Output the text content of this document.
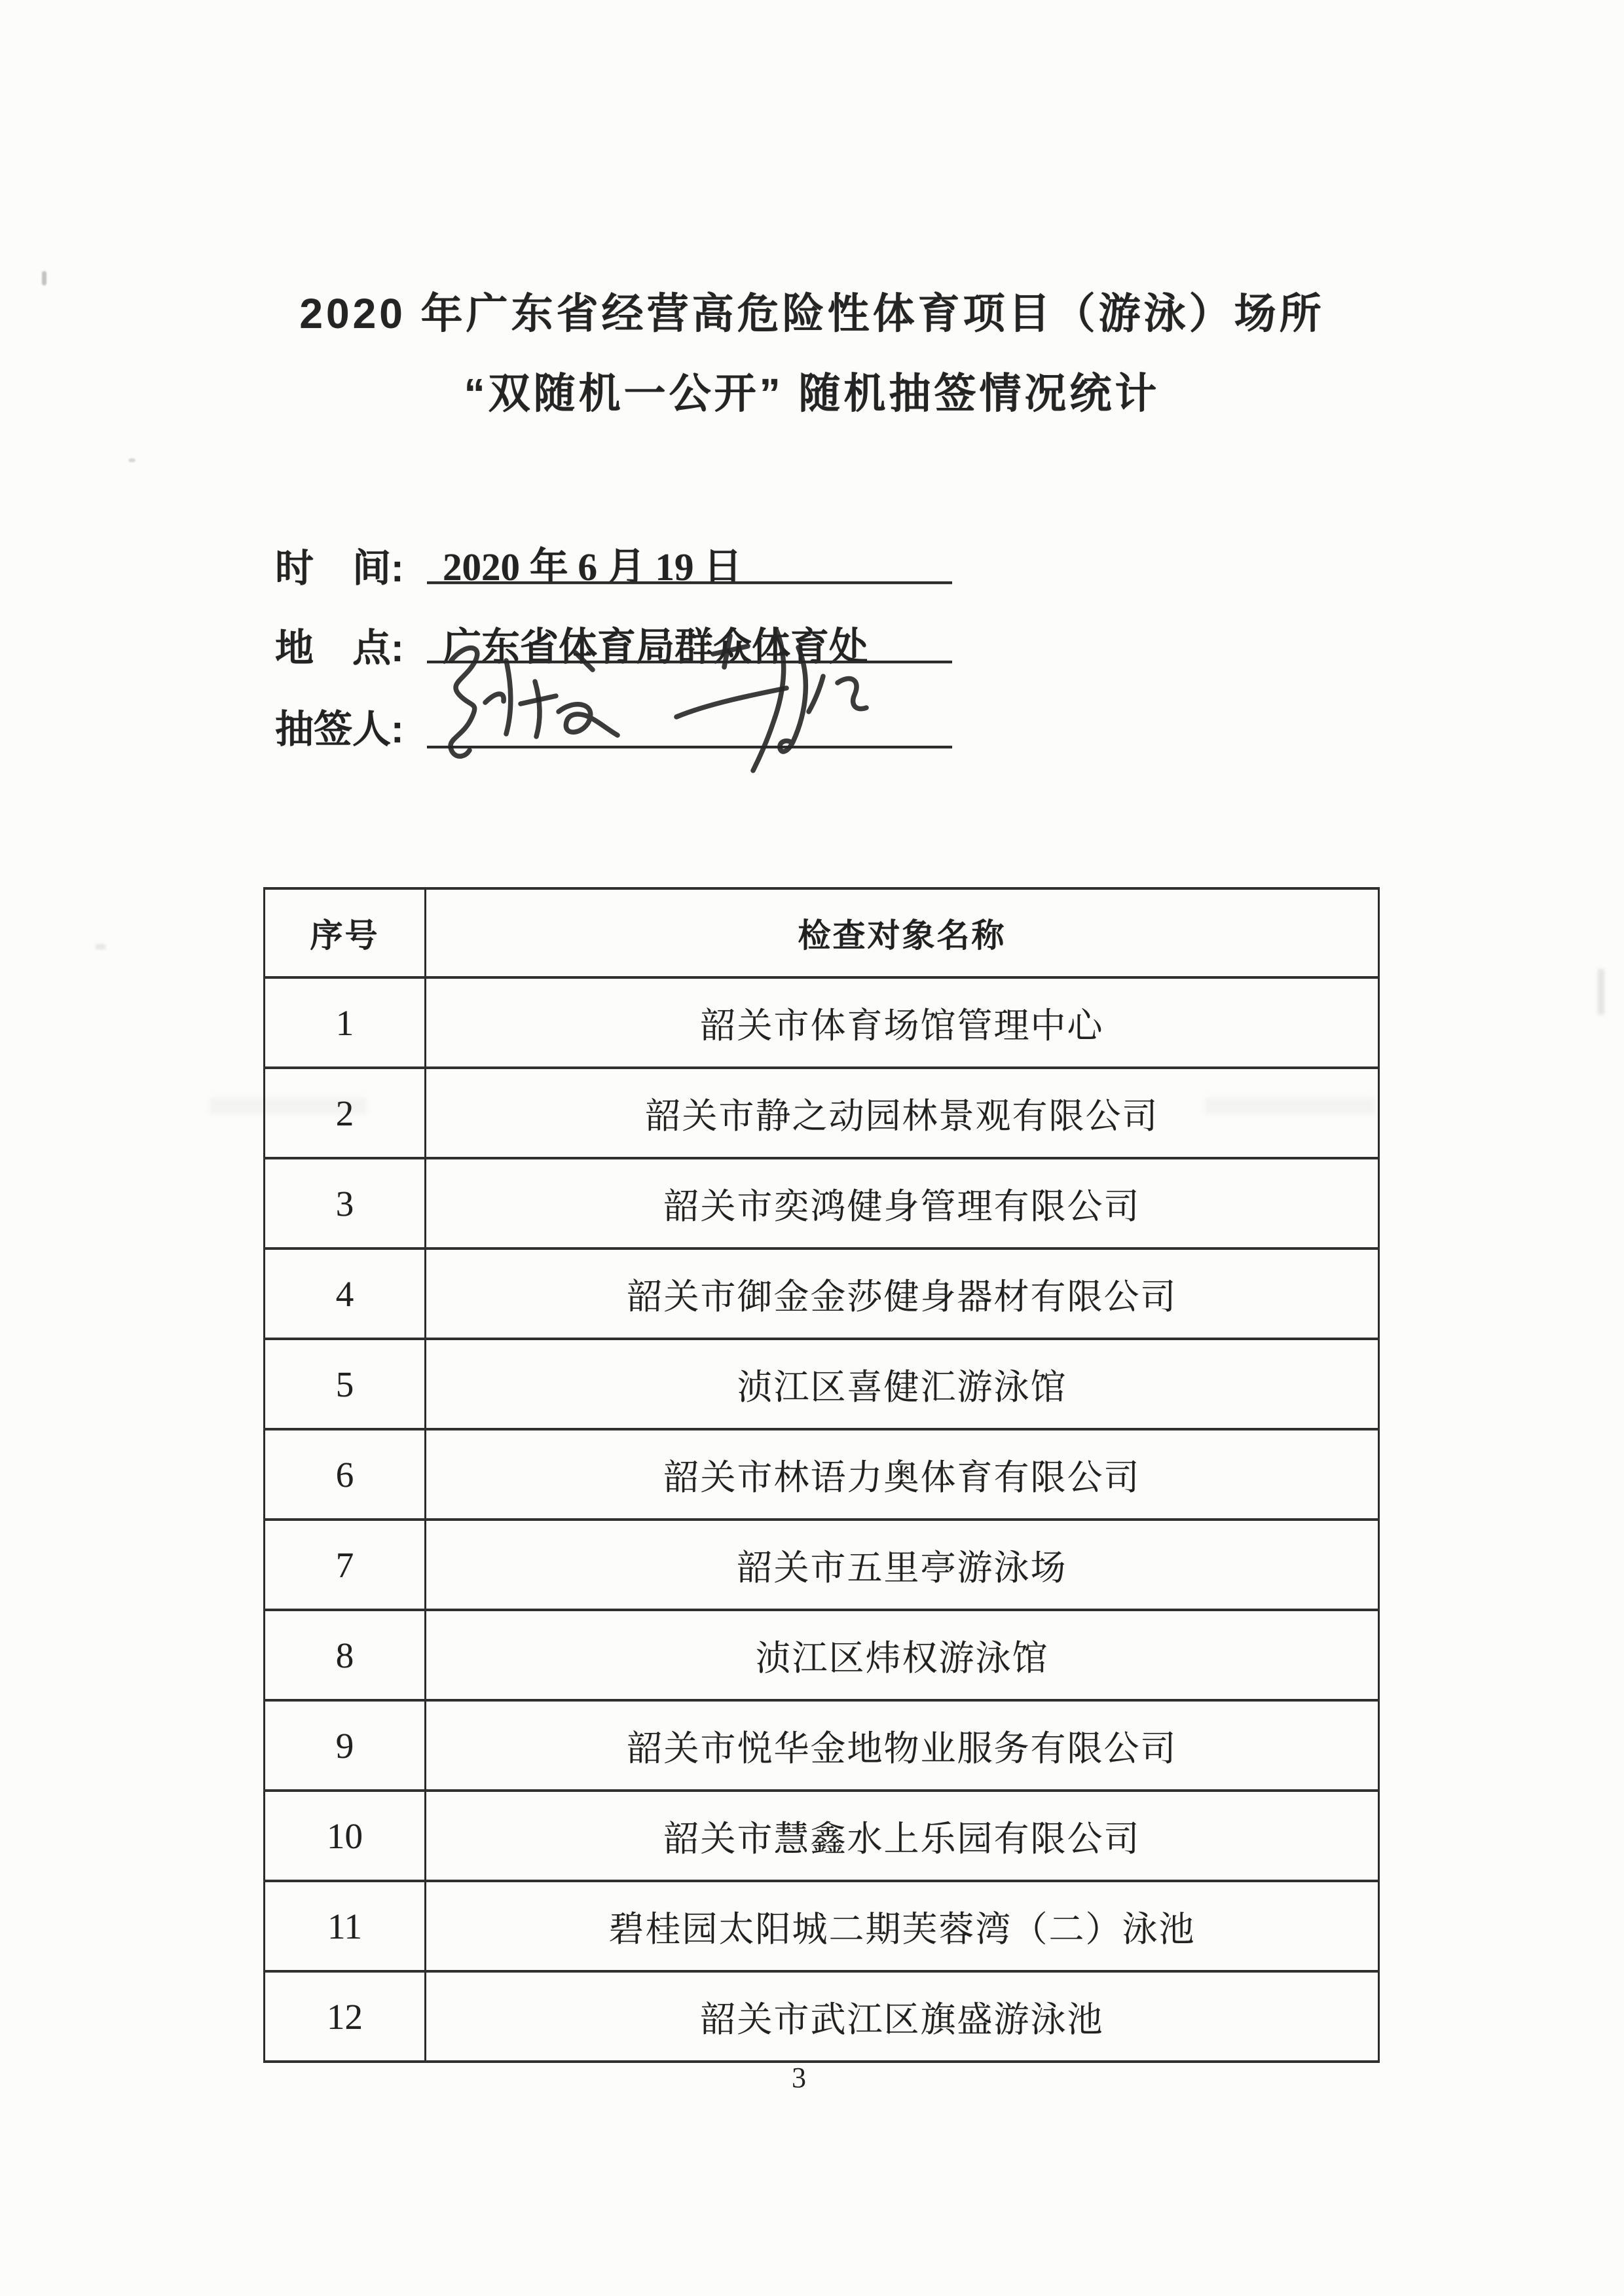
2020 年广东省经营高危险性体育项目（游泳）场所
“双随机一公开” 随机抽签情况统计
时　间: 2020 年 6 月 19 日
地　点: 广东省体育局群众体育处
抽签人:
序号	检查对象名称
1	韶关市体育场馆管理中心
2	韶关市静之动园林景观有限公司
3	韶关市奕鸿健身管理有限公司
4	韶关市御金金莎健身器材有限公司
5	浈江区喜健汇游泳馆
6	韶关市林语力奥体育有限公司
7	韶关市五里亭游泳场
8	浈江区炜权游泳馆
9	韶关市悦华金地物业服务有限公司
10	韶关市慧鑫水上乐园有限公司
11	碧桂园太阳城二期芙蓉湾（二）泳池
12	韶关市武江区旗盛游泳池
3
